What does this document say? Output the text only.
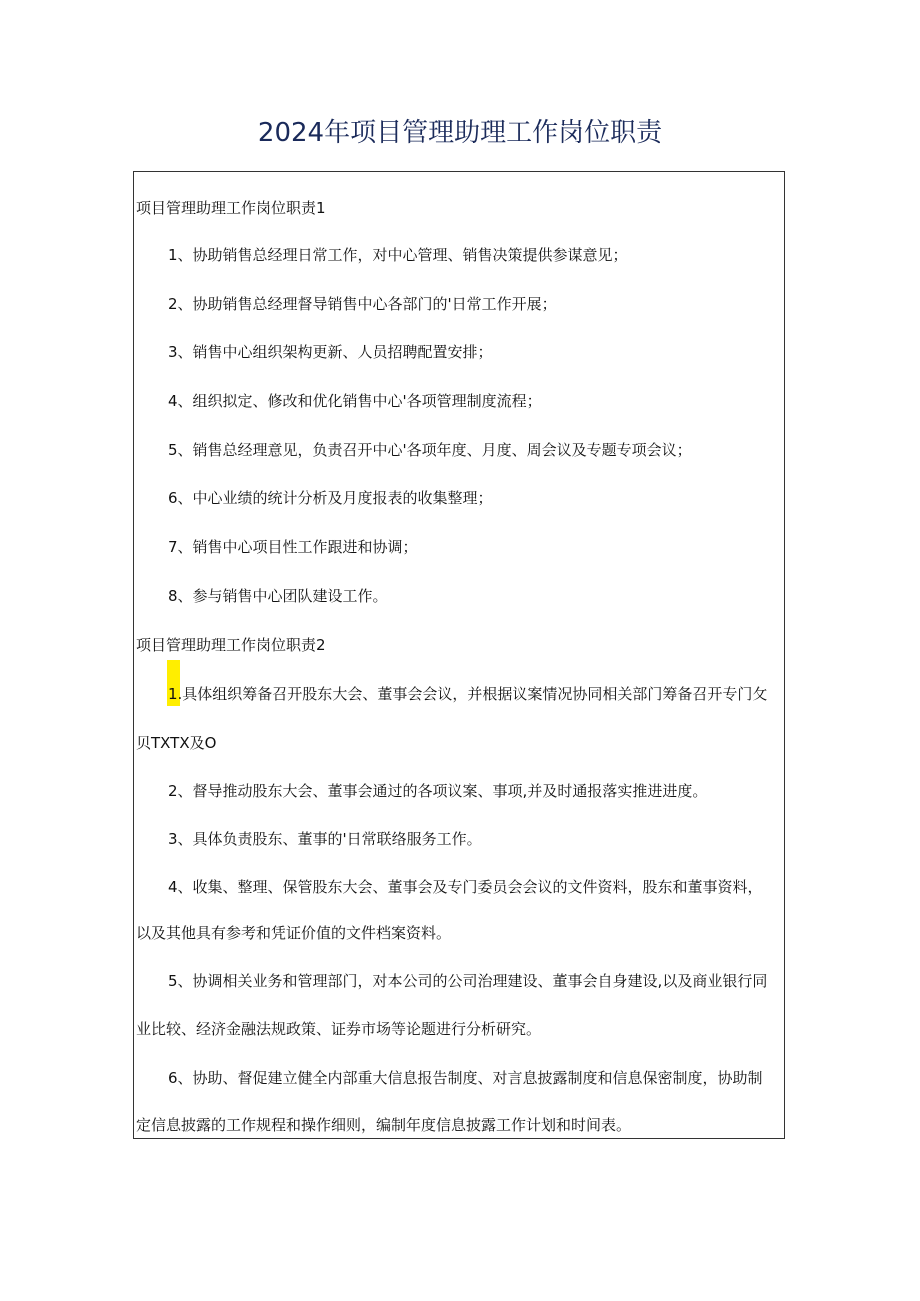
2024年项目管理助理工作岗位职责
项目管理助理工作岗位职责1
1、协助销售总经理日常工作，对中心管理、销售决策提供参谋意见；
2、协助销售总经理督导销售中心各部门的'日常工作开展；
3、销售中心组织架构更新、人员招聘配置安排；
4、组织拟定、修改和优化销售中心'各项管理制度流程；
5、销售总经理意见，负责召开中心'各项年度、月度、周会议及专题专项会议；
6、中心业绩的统计分析及月度报表的收集整理；
7、销售中心项目性工作跟进和协调；
8、参与销售中心团队建设工作。
项目管理助理工作岗位职责2
1.具体组织筹备召开股东大会、董事会会议，并根据议案情况协同相关部门筹备召开专门攵
贝TXTX及O
2、督导推动股东大会、董事会通过的各项议案、事项,并及时通报落实推进进度。
3、具体负责股东、董事的'日常联络服务工作。
4、收集、整理、保管股东大会、董事会及专门委员会会议的文件资料，股东和董事资料，
以及其他具有参考和凭证价值的文件档案资料。
5、协调相关业务和管理部门，对本公司的公司治理建设、董事会自身建设,以及商业银行同
业比较、经济金融法规政策、证券市场等论题进行分析研究。
6、协助、督促建立健全内部重大信息报告制度、对言息披露制度和信息保密制度，协助制
定信息披露的工作规程和操作细则，编制年度信息披露工作计划和时间表。
